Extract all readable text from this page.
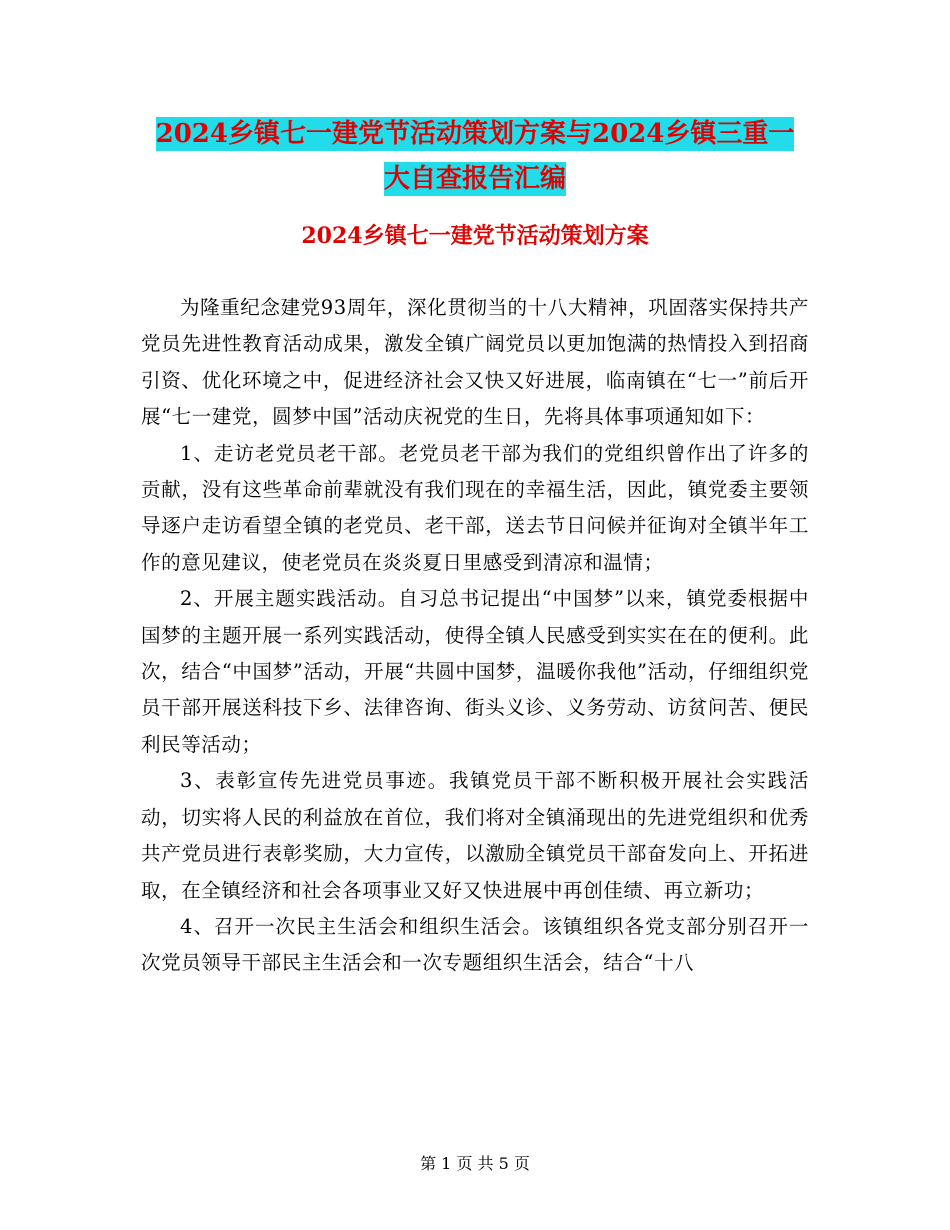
2024乡镇七一建党节活动策划方案与2024乡镇三重一
大自查报告汇编
2024乡镇七一建党节活动策划方案

为隆重纪念建党93周年，深化贯彻当的十八大精神，巩固落实保持共产党员先进性教育活动成果，激发全镇广阔党员以更加饱满的热情投入到招商引资、优化环境之中，促进经济社会又快又好进展，临南镇在“七一”前后开展“七一建党，圆梦中国”活动庆祝党的生日，先将具体事项通知如下：

1、走访老党员老干部。老党员老干部为我们的党组织曾作出了许多的贡献，没有这些革命前辈就没有我们现在的幸福生活，因此，镇党委主要领导逐户走访看望全镇的老党员、老干部，送去节日问候并征询对全镇半年工作的意见建议，使老党员在炎炎夏日里感受到清凉和温情；

2、开展主题实践活动。自习总书记提出“中国梦”以来，镇党委根据中国梦的主题开展一系列实践活动，使得全镇人民感受到实实在在的便利。此次，结合“中国梦”活动，开展“共圆中国梦，温暖你我他”活动，仔细组织党员干部开展送科技下乡、法律咨询、街头义诊、义务劳动、访贫问苦、便民利民等活动；

3、表彰宣传先进党员事迹。我镇党员干部不断积极开展社会实践活动，切实将人民的利益放在首位，我们将对全镇涌现出的先进党组织和优秀共产党员进行表彰奖励，大力宣传，以激励全镇党员干部奋发向上、开拓进取，在全镇经济和社会各项事业又好又快进展中再创佳绩、再立新功；

4、召开一次民主生活会和组织生活会。该镇组织各党支部分别召开一次党员领导干部民主生活会和一次专题组织生活会，结合“十八

第 1 页 共 5 页
